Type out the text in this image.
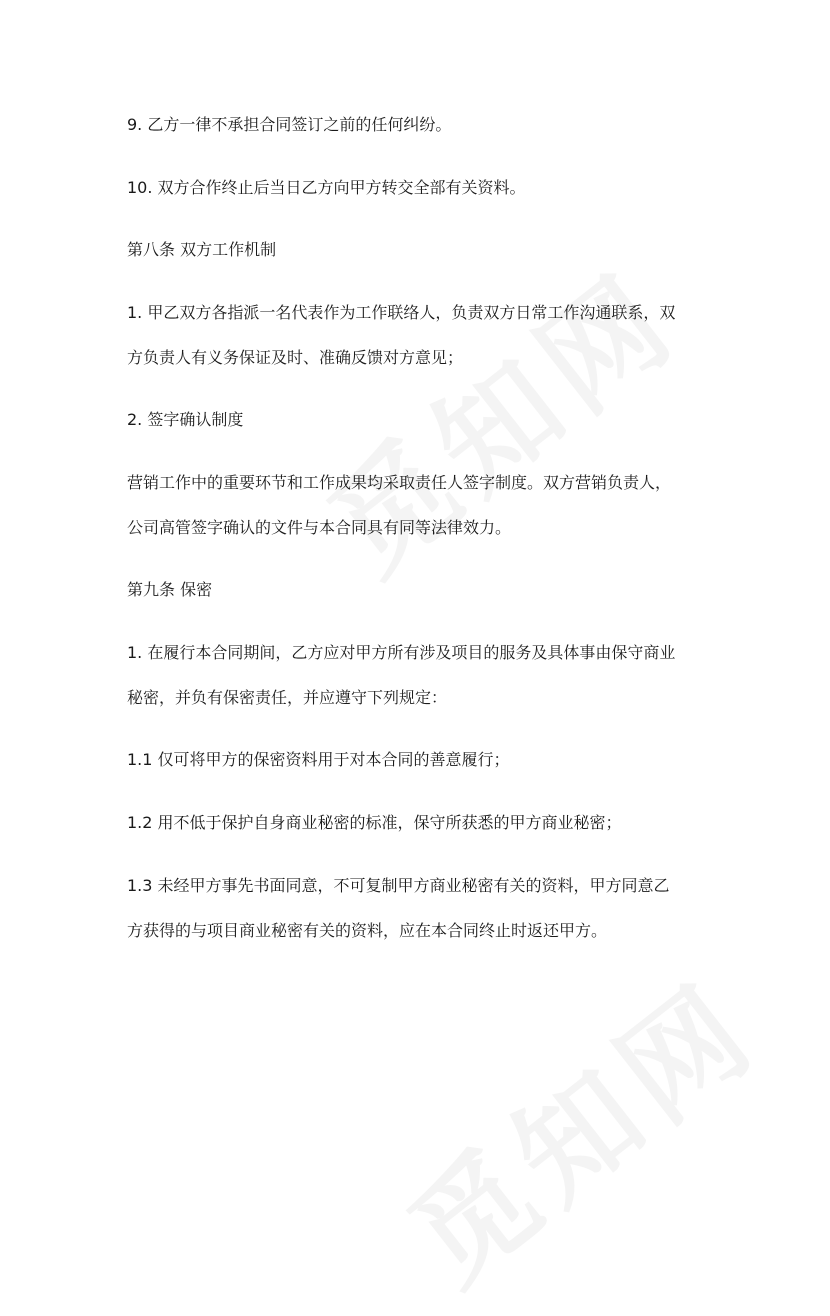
9. 乙方一律不承担合同签订之前的任何纠纷。

10. 双方合作终止后当日乙方向甲方转交全部有关资料。

第八条 双方工作机制

1. 甲乙双方各指派一名代表作为工作联络人，负责双方日常工作沟通联系，双

方负责人有义务保证及时、准确反馈对方意见；

2. 签字确认制度

营销工作中的重要环节和工作成果均采取责任人签字制度。双方营销负责人，

公司高管签字确认的文件与本合同具有同等法律效力。

第九条 保密

1. 在履行本合同期间，乙方应对甲方所有涉及项目的服务及具体事由保守商业

秘密，并负有保密责任，并应遵守下列规定：

1.1 仅可将甲方的保密资料用于对本合同的善意履行；

1.2 用不低于保护自身商业秘密的标准，保守所获悉的甲方商业秘密；

1.3 未经甲方事先书面同意，不可复制甲方商业秘密有关的资料，甲方同意乙

方获得的与项目商业秘密有关的资料，应在本合同终止时返还甲方。
